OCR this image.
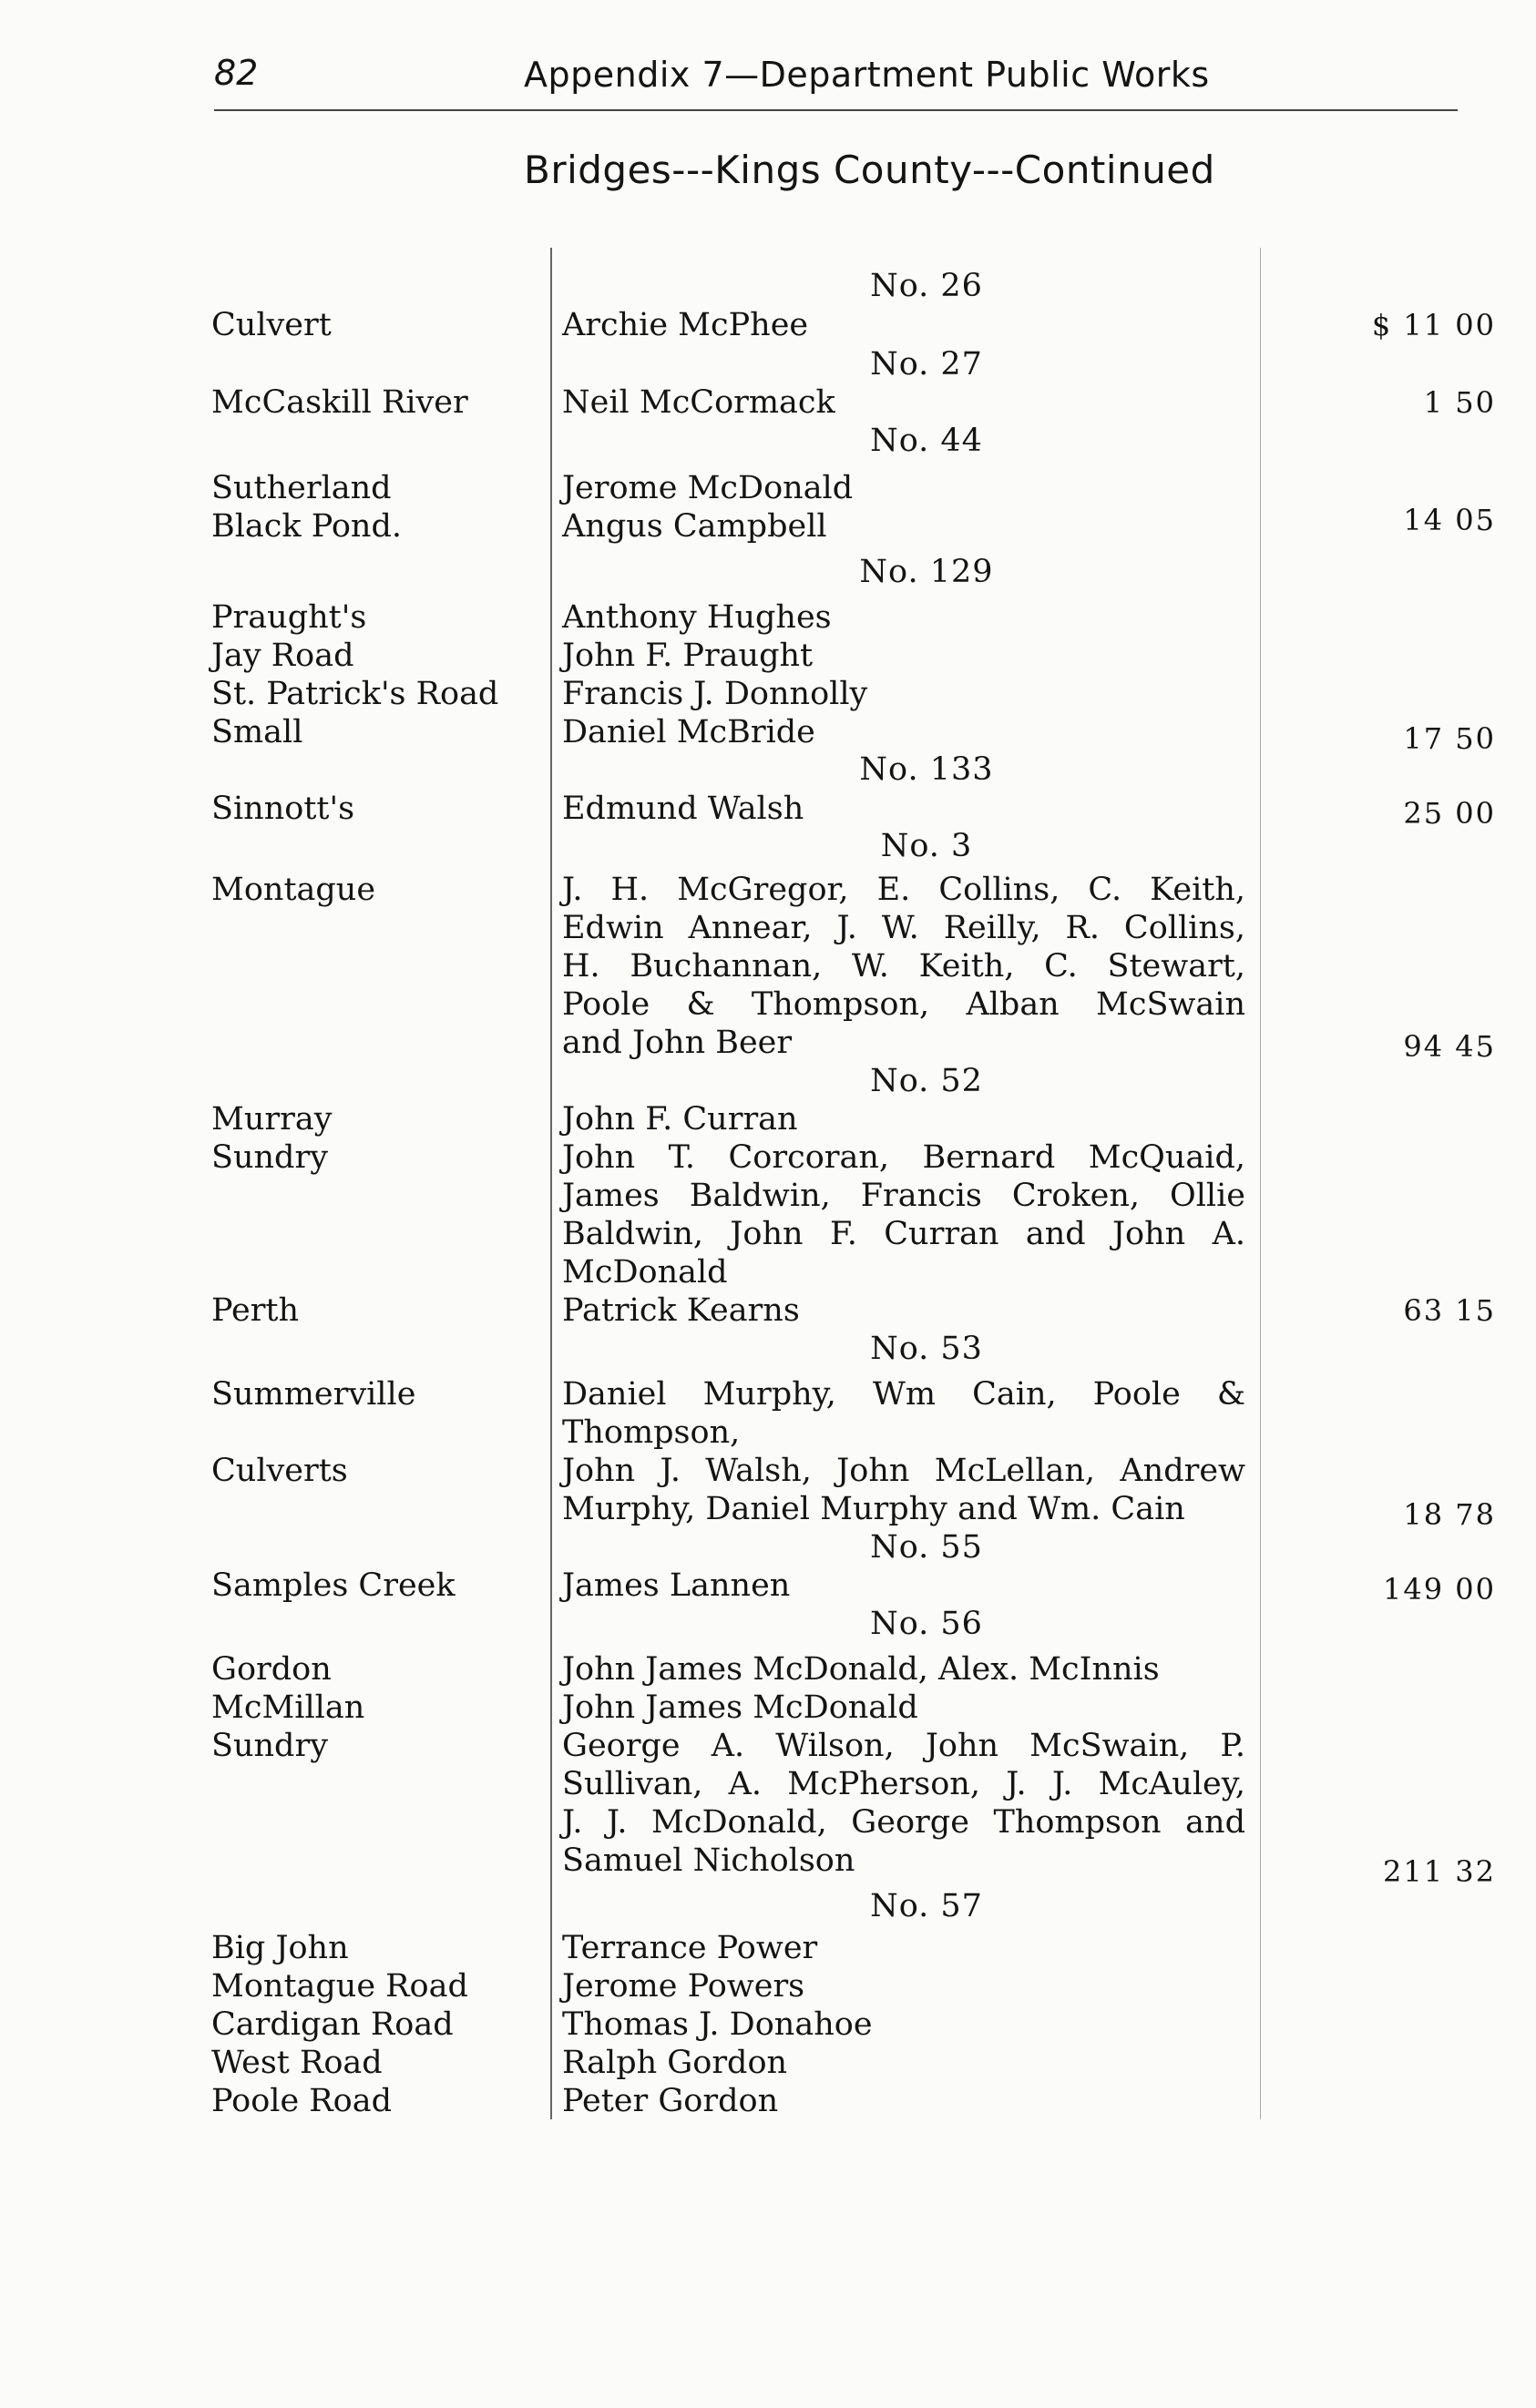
82	Appendix 7—Department Public Works
Bridges---Kings County---Continued
No. 26
Culvert	Archie McPhee	$ 11 00
No. 27
McCaskill River	Neil McCormack	1 50
No. 44
Sutherland	Jerome McDonald
Black Pond.	Angus Campbell	14 05
No. 129
Praught's	Anthony Hughes
Jay Road	John F. Praught
St. Patrick's Road Francis J. Donnolly
Small	Daniel McBride	17 50
No. 133
Sinnott's	Edmund Walsh	25 00
No. 3
Montague	J. H. McGregor, E. Collins, C. Keith,
Edwin Annear, J. W. Reilly, R. Collins,
H. Buchannan, W. Keith, C. Stewart,
Poole & Thompson, Alban McSwain
and John Beer	94 45
No. 52
Murray	John F. Curran
Sundry	John T. Corcoran, Bernard McQuaid,
James Baldwin, Francis Croken, Ollie
Baldwin, John F. Curran and John A.
McDonald
Perth	Patrick Kearns	63 15
No. 53
Summerville	Daniel Murphy, Wm Cain, Poole &
Thompson,
Culverts	John J. Walsh, John McLellan, Andrew
Murphy, Daniel Murphy and Wm. Cain	18 78
No. 55
Samples Creek	James Lannen	149 00
No. 56
Gordon	John James McDonald, Alex. McInnis
McMillan	John James McDonald
Sundry	George A. Wilson, John McSwain, P.
Sullivan, A. McPherson, J. J. McAuley,
J. J. McDonald, George Thompson and
Samuel Nicholson	211 32
No. 57
Big John	Terrance Power
Montague Road	Jerome Powers
Cardigan Road	Thomas J. Donahoe
West Road	Ralph Gordon
Poole Road	Peter Gordon
